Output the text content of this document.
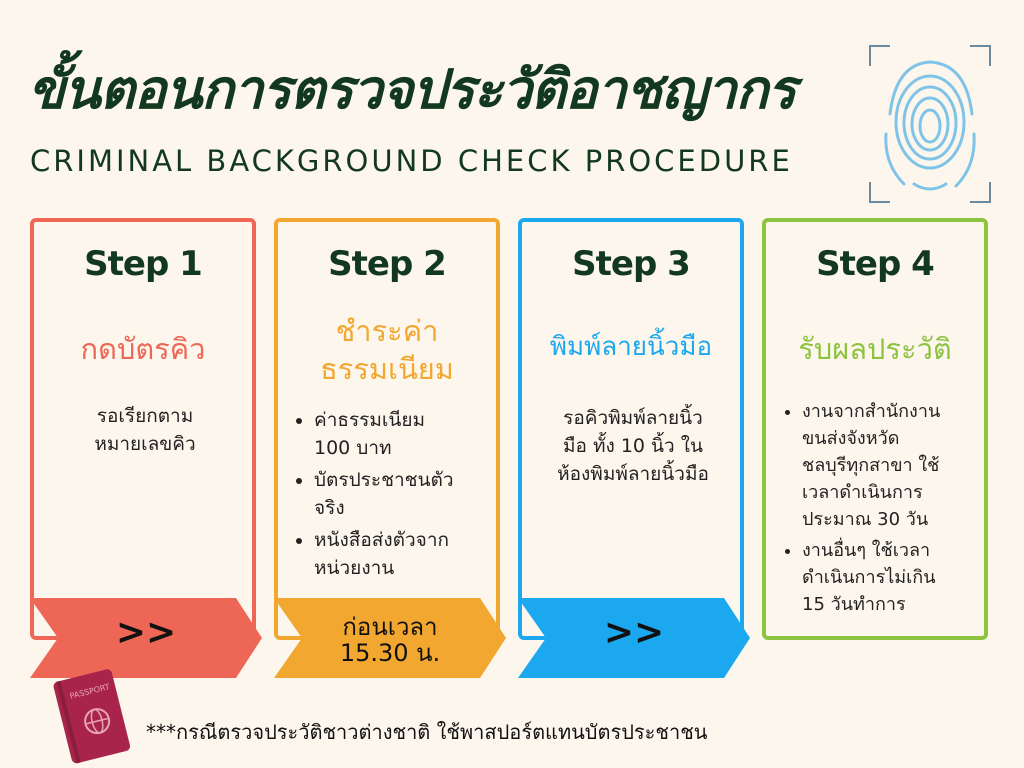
ขั้นตอนการตรวจประวัติอาชญากร
CRIMINAL BACKGROUND CHECK PROCEDURE
Step 1
กดบัตรคิว
รอเรียกตาม
หมายเลขคิว
Step 2
ชำระค่า
ธรรมเนียม
• ค่าธรรมเนียม
100 บาท
• บัตรประชาชนตัว
จริง
• หนังสือส่งตัวจาก
หน่วยงาน
Step 3
พิมพ์ลายนิ้วมือ
รอคิวพิมพ์ลายนิ้ว
มือ ทั้ง 10 นิ้ว ใน
ห้องพิมพ์ลายนิ้วมือ
Step 4
รับผลประวัติ
• งานจากสำนักงาน
ขนส่งจังหวัด
ชลบุรีทุกสาขา ใช้
เวลาดำเนินการ
ประมาณ 30 วัน
• งานอื่นๆ ใช้เวลา
ดำเนินการไม่เกิน
15 วันทำการ
>>	ก่อนเวลา
15.30 น.	>>
PASSPORT
***กรณีตรวจประวัติชาวต่างชาติ ใช้พาสปอร์ตแทนบัตรประชาชน
